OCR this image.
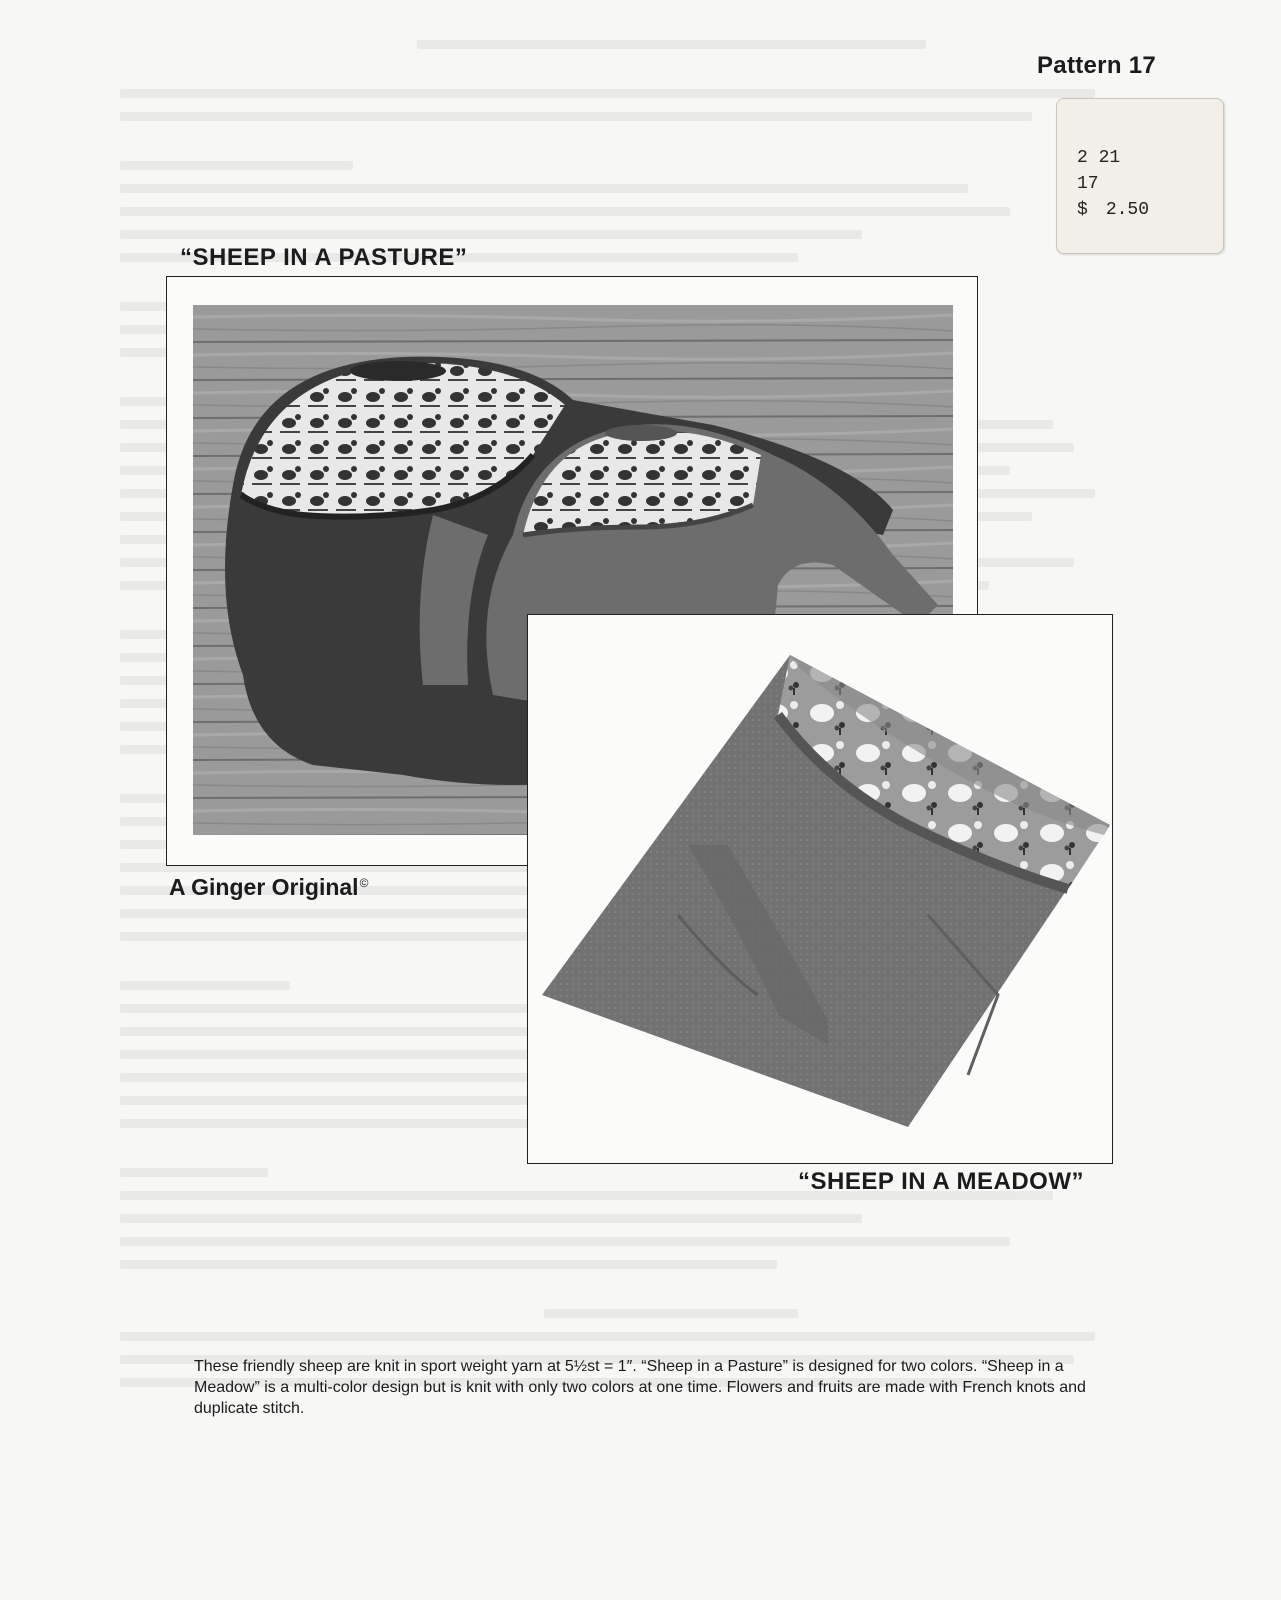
Pattern 17
2 21
17
$ 2.50
“SHEEP IN A PASTURE”
A Ginger Original©
“SHEEP IN A MEADOW”
These friendly sheep are knit in sport weight yarn at 5½st = 1″. “Sheep in a Pasture” is designed for two colors. “Sheep in a Meadow” is a multi-color design but is knit with only two colors at one time. Flowers and fruits are made with French knots and duplicate stitch.
